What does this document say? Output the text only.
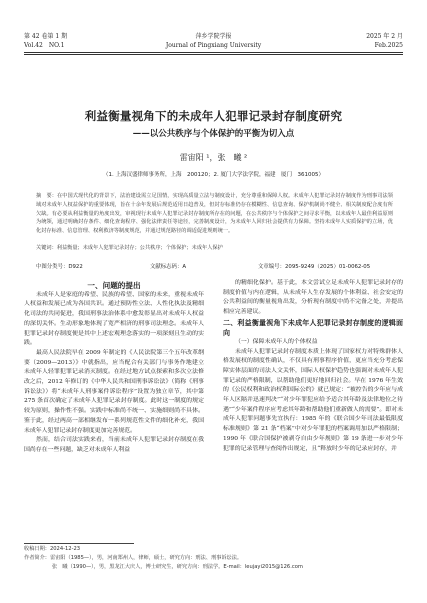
第 42 卷第 1 期
Vol.42　NO.1
萍乡学院学报
Journal of Pingxiang University
2025 年 2 月
Feb.2025
利益衡量视角下的未成年人犯罪记录封存制度研究
——以公共秩序与个体保护的平衡为切入点
雷宙阳 ¹，张　曦 ²
（1. 上海汉盛律师事务所，上海　200120；2. 厦门大学法学院，福建　厦门　361005）
摘　要：在中国式现代化的背景下，法治建设需立足国情，实现高质量立法与制度设计，充分尊重和保障人权。未成年人犯罪记录封存制度作为刑事司法领域对未成年人权益保护的重要体现，旨在十余年发展后规范适用日趋普及，但封存标准仍存在模糊性、信息查询、保护机制尚不健全、相关制度配合度有所欠缺。有必要从利益衡量的角度出发，审视现行未成年人犯罪记录封存制度所存在的问题，在公共秩序与个体保护之间寻求平衡，以未成年人最佳利益原则为统领，通过明确封存条件、细化查询程序、强化法律责任等途径，完善制度设计，为未成年人回归社会提供有力保障。坚持未成年人实质保护的立场，优化封存标准、信息管理、权利救济等制度规范，并通过规范路径的调适促进规则统一。
关键词：利益衡量；未成年人犯罪记录封存；公共秩序；个体保护；未成年人保护
中图分类号：D922	文献标志码：A	文章编号：2095-9249（2025）01-0062-05

一、问题的提出

未成年人是家庭的希望、民族的希望、国家的未来，重视未成年人权益和发展已成为各国共识。通过预防性立法、人性化执法及精细化司法的共同促进，我国刑事法治体系中愈发彰显出对未成年人权益的深切关怀。生动形象地体现了宽严相济的刑事司法理念。未成年人犯罪记录封存制度便是其中上述宏观理念落实的一项深刻且生动的实践。

最高人民法院早在 2009 年制定的《人民法院第三个五年改革纲要（2009—2013）》中就指出，应当配合有关部门与事务作地建立未成年人轻罪犯罪记录消灭制度。在经过地方试点探索和多次立法修改之后，2012 年修订的《中华人民共和国刑事诉讼法》（简称《刑事诉讼法》）将“未成年人刑事案件诉讼程序”设置为独立章节，其中第 275 条首次确定了未成年人犯罪记录封存制度。此时这一制度的规定较为原则，操作性不强。实践中标准尚不统一、实施细则尚不具体。鉴于此，经过两高一部相继发布一系列规范性文件的细化补充，我国未成年人犯罪记录封存制度更加完善规范。

然而，结合司法实践来看，当前未成年人犯罪记录封存制度在我国尚存在一些问题，缺乏对未成年人利益

的精细化保护。基于此，本文尝试立足未成年人犯罪记录封存的制度价值与内在逻辑，从未成年人生存发展的个体利益、社会安定的公共利益间的衡量视角出发，分析现有制度中尚不完备之处，并提出相应完善建议。

二、利益衡量视角下未成年人犯罪记录封存制度的逻辑面向

（一）保障未成年人的个体权益

未成年人犯罪记录封存制度本质上体现了国家权力对特殊群体人格发展权的制度性确认，不仅具有刑事程序价值，更应当充分考虑保障实体层面的司法人文关怀，国际人权保护趋势也强调对未成年人犯罪记录的严格限制，以帮助他们更好地回归社会。早在 1976 年生效的《公民权利和政治权利国际公约》就已规定：“被控告的少年应与成年人区隔并迅速判决”“对少年罪犯应给予适合其年龄及法律地位之待遇”“少年案件程序应考虑其年龄和帮助他们重新做人的需要”。即对未成年人犯罪问题事先宜执行：1985 年的《联合国少年司法最低限度标准规则》第 21 条“档案”中对少年罪犯的档案调用加以严格限制；1990 年《联合国保护被剥夺自由少年规则》第 19 条进一步对少年犯罪的记录管理与查阅作出规定，且“释放时少年的记录应封存，并

收稿日期：2024-12-23
作者简介：雷宙阳（1985—），男，河南郑州人，律师，硕士，研究方向：刑法、刑事诉讼法。
张　曦（1990—），男，黑龙江大庆人，博士研究生，研究方向：刑法学。E-mail：leujayi2015@126.com
